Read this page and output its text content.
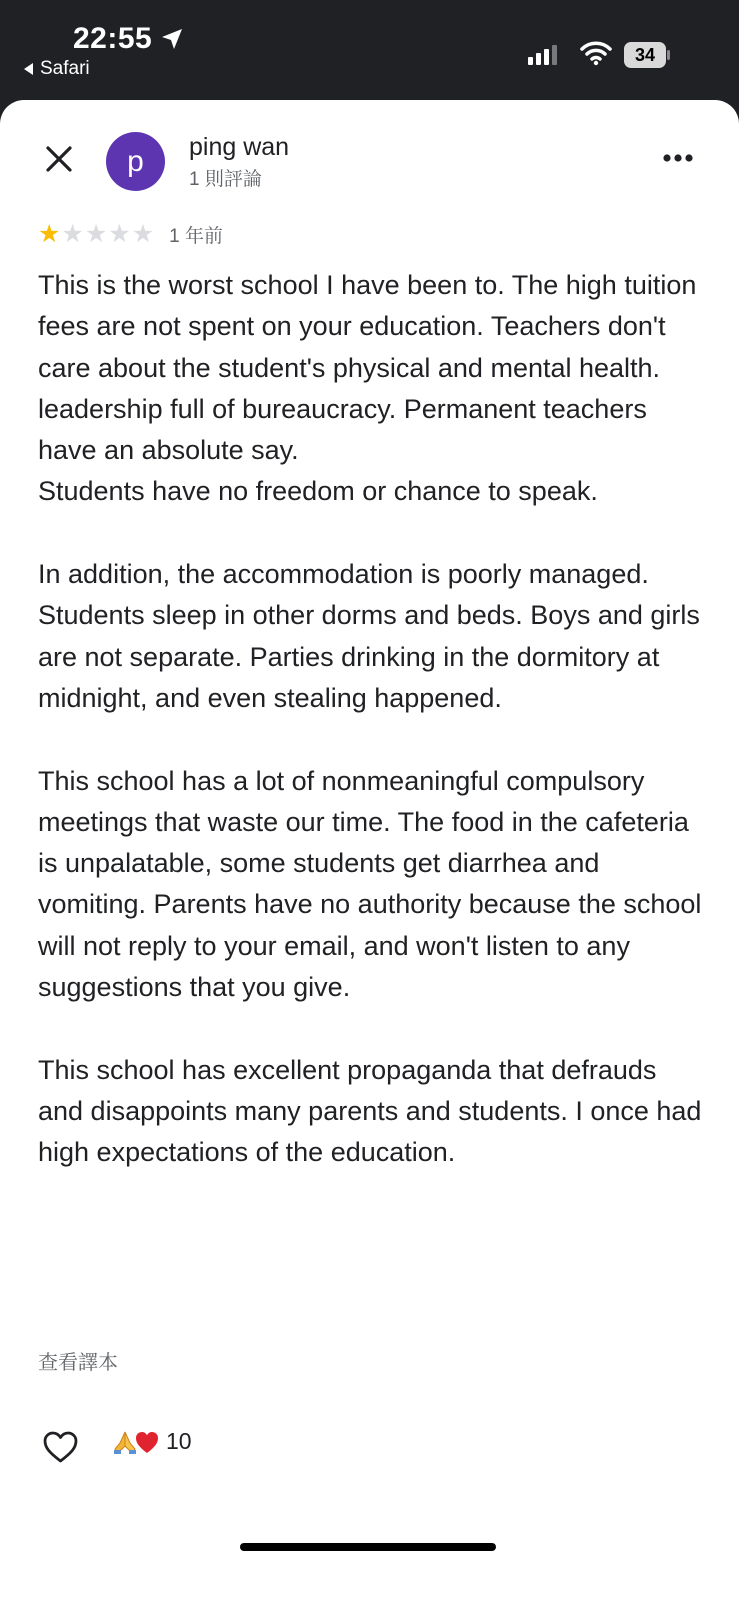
22:55
Safari
34
p ping wan
1 則評論
★★★★★ 1 年前

This is the worst school I have been to. The high tuition fees are not spent on your education. Teachers don't care about the student's physical and mental health. leadership full of bureaucracy. Permanent teachers have an absolute say.
Students have no freedom or chance to speak.

In addition, the accommodation is poorly managed. Students sleep in other dorms and beds. Boys and girls are not separate. Parties drinking in the dormitory at midnight, and even stealing happened.

This school has a lot of nonmeaningful compulsory meetings that waste our time. The food in the cafeteria is unpalatable, some students get diarrhea and vomiting. Parents have no authority because the school will not reply to your email, and won't listen to any suggestions that you give.

This school has excellent propaganda that defrauds and disappoints many parents and students. I once had high expectations of the education.

查看譯本
10
